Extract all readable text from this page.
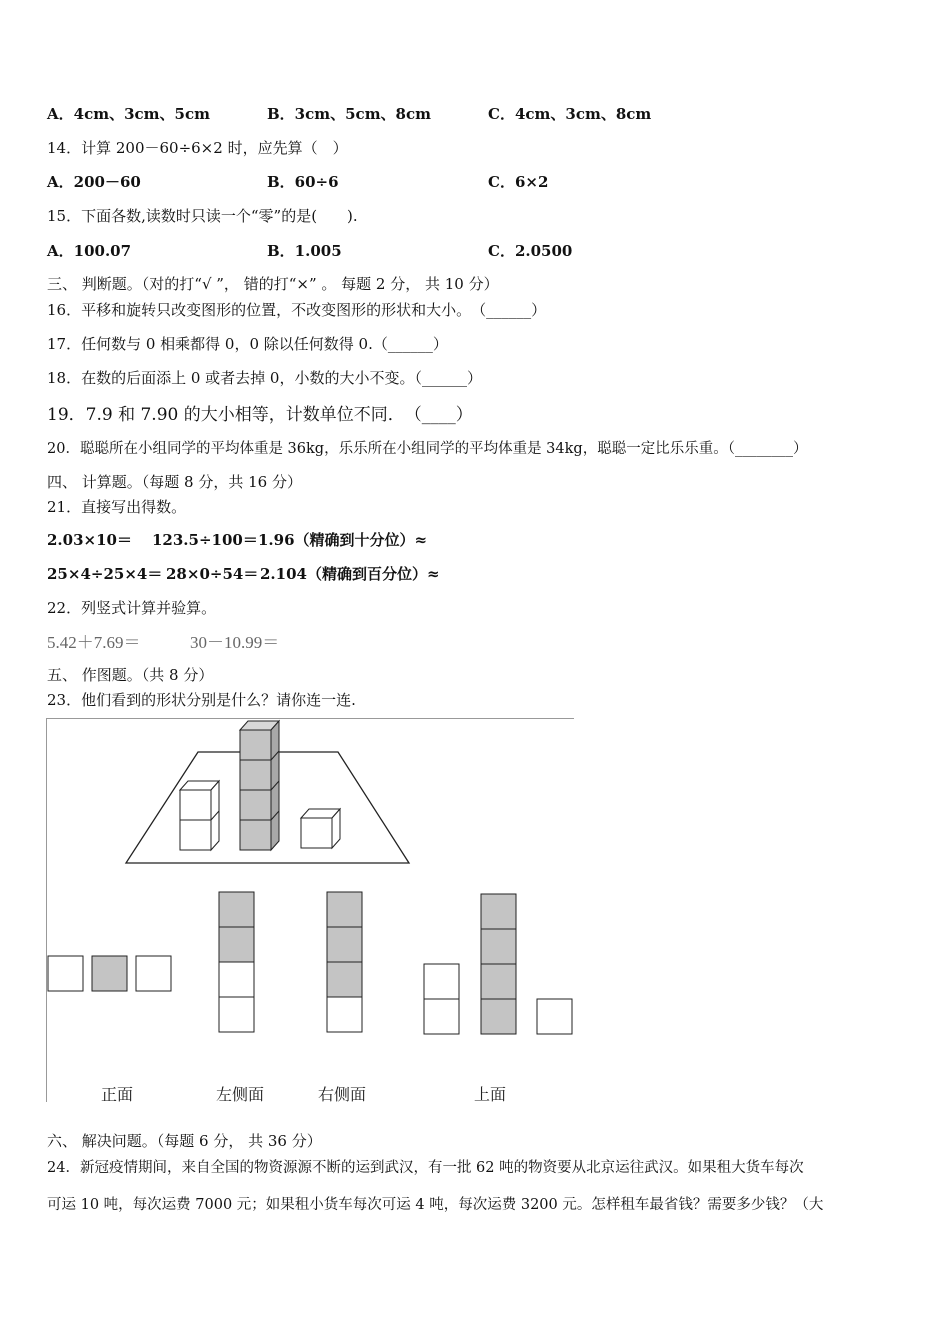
A．4cm、3cm、5cm	B．3cm、5cm、8cm	C．4cm、3cm、8cm
14．计算 200－60÷6×2 时，应先算（　）
A．200－60	B．60÷6	C．6×2
15．下面各数,读数时只读一个“零”的是(　　).
A．100.07	B．1.005	C．2.0500
三、 判断题。（对的打“√ ”， 错的打“×” 。 每题 2 分， 共 10 分）
16．平移和旋转只改变图形的位置，不改变图形的形状和大小。　（______）
17．任何数与 0 相乘都得 0，0 除以任何数得 0.（______）
18．在数的后面添上 0 或者去掉 0，小数的大小不变。（______）
19．7.9 和 7.90 的大小相等，计数单位不同．　（____）
20．聪聪所在小组同学的平均体重是 36kg，乐乐所在小组同学的平均体重是 34kg，聪聪一定比乐乐重。（________）
四、 计算题。（每题 8 分，共 16 分）
21．直接写出得数。
2.03×10＝ 123.5÷100＝ 1.96（精确到十分位）≈
25×4÷25×4＝ 28×0÷54＝ 2.104（精确到百分位）≈
22．列竖式计算并验算。
5.42＋7.69＝	30－10.99＝
五、 作图题。（共 8 分）
23．他们看到的形状分别是什么？请你连一连.
正面	左侧面	右侧面	上面
六、 解决问题。（每题 6 分， 共 36 分）
24．新冠疫情期间，来自全国的物资源源不断的运到武汉，有一批 62 吨的物资要从北京运往武汉。如果租大货车每次
可运 10 吨，每次运费 7000 元；如果租小货车每次可运 4 吨，每次运费 3200 元。怎样租车最省钱？需要多少钱？（大
